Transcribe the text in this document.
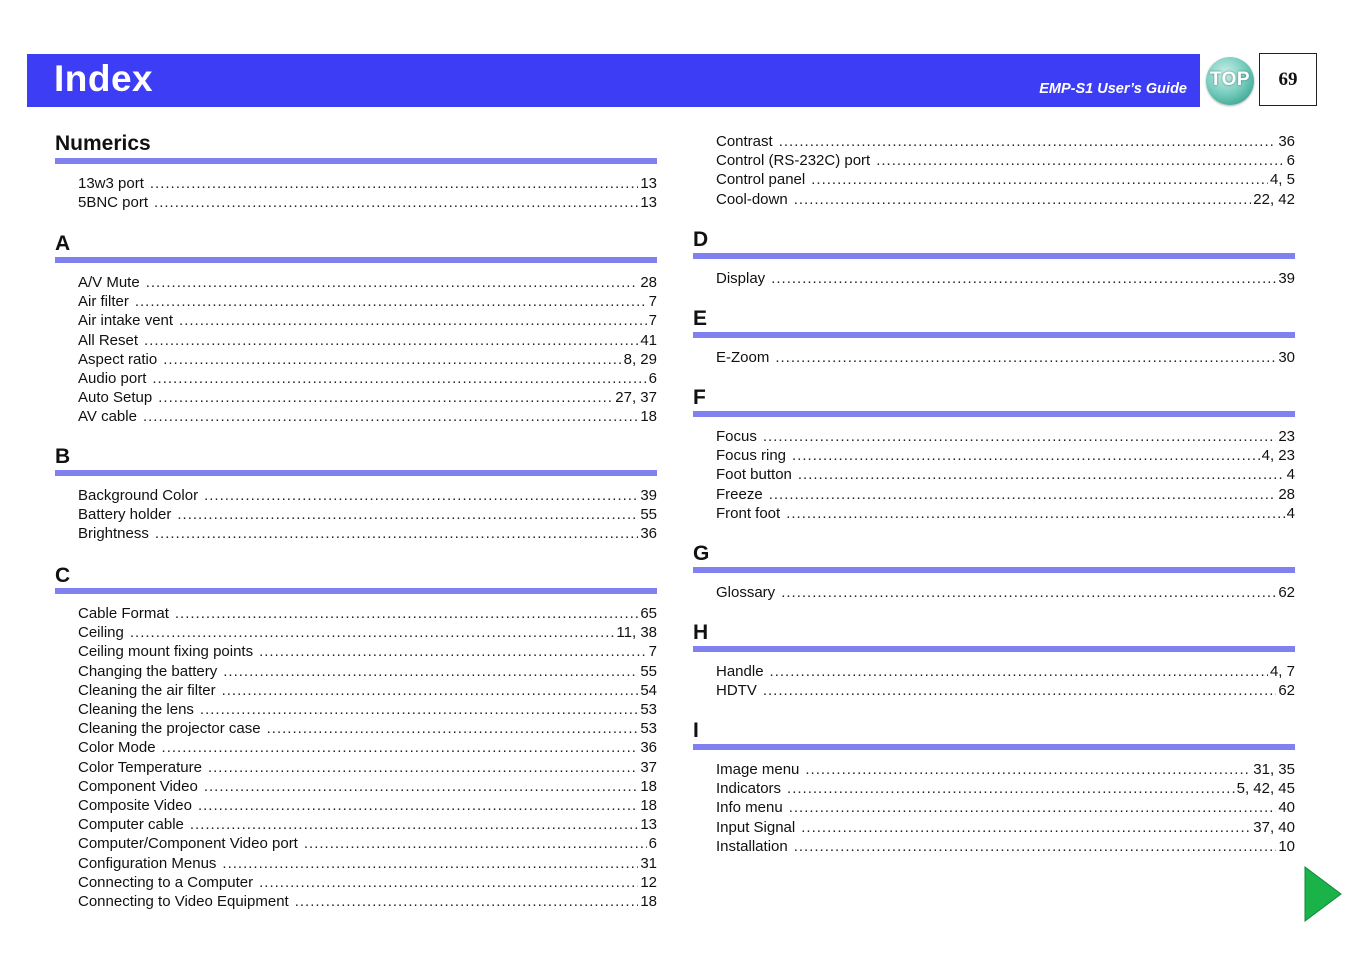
Index	EMP-S1 User’s Guide TOP	69
Numerics
13w3 port .....	13
5BNC port .....	13
A
A/V Mute .....	28
Air filter .....	7
Air intake vent .....	7
All Reset .....	41
Aspect ratio .....	8, 29
Audio port .....	6
Auto Setup .....	27, 37
AV cable .....	18
B
Background Color .....	39
Battery holder .....	55
Brightness .....	36
C
Cable Format .....	65
Ceiling .....	11, 38
Ceiling mount fixing points .....	7
Changing the battery .....	55
Cleaning the air filter .....	54
Cleaning the lens .....	53
Cleaning the projector case .....	53
Color Mode .....	36
Color Temperature .....	37
Component Video .....	18
Composite Video .....	18
Computer cable .....	13
Computer/Component Video port .....	6
Configuration Menus .....	31
Connecting to a Computer .....	12
Connecting to Video Equipment .....	18
Contrast .....	36
Control (RS-232C) port .....	6
Control panel .....	4, 5
Cool-down .....	22, 42
D
Display .....	39
E
E-Zoom .....	30
F
Focus .....	23
Focus ring .....	4, 23
Foot button .....	4
Freeze .....	28
Front foot .....	4
G
Glossary .....	62
H
Handle .....	4, 7
HDTV .....	62
I
Image menu .....	31, 35
Indicators .....	5, 42, 45
Info menu .....	40
Input Signal .....	37, 40
Installation .....	10
